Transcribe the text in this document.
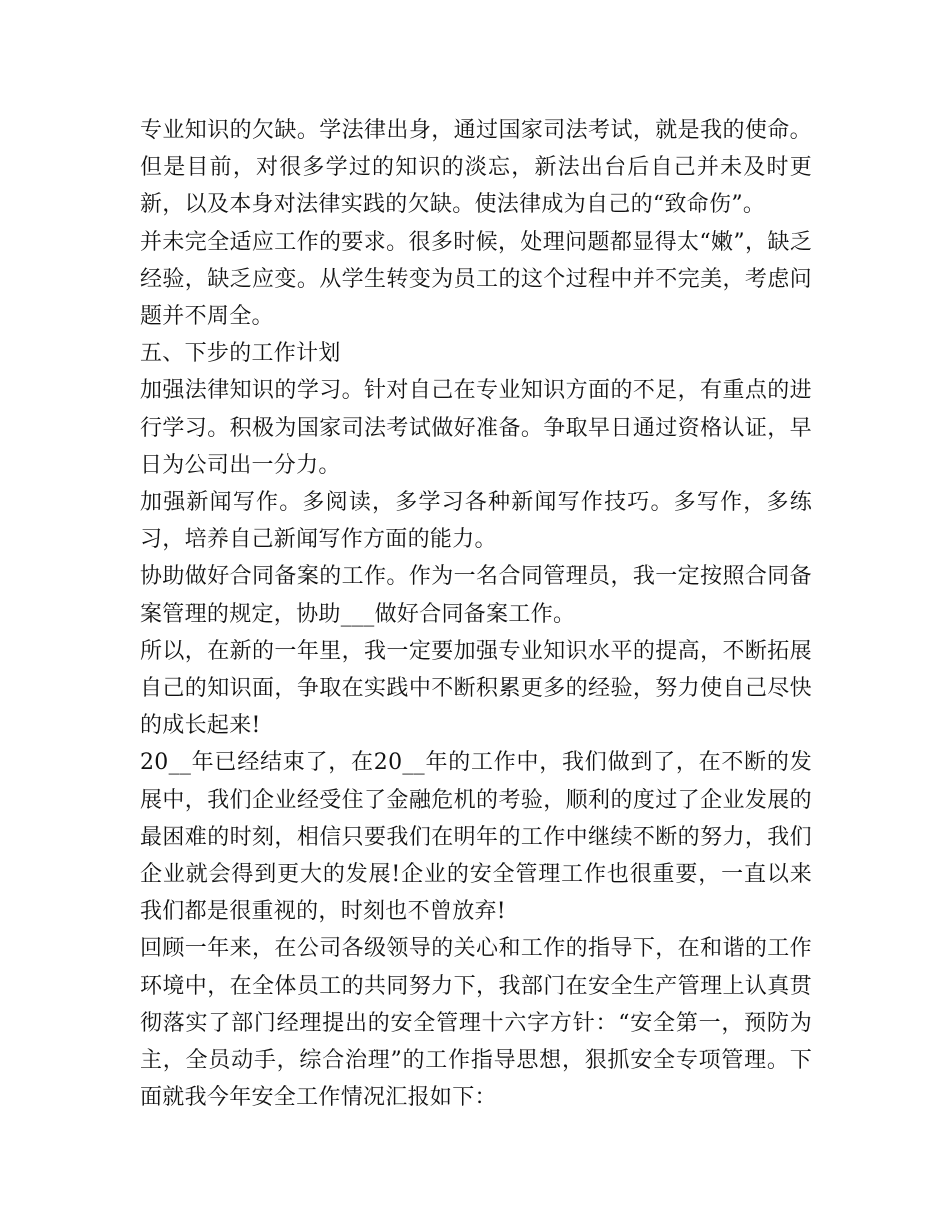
专业知识的欠缺。学法律出身，通过国家司法考试，就是我的使命。但是目前，对很多学过的知识的淡忘，新法出台后自己并未及时更新，以及本身对法律实践的欠缺。使法律成为自己的“致命伤”。

并未完全适应工作的要求。很多时候，处理问题都显得太“嫩”，缺乏经验，缺乏应变。从学生转变为员工的这个过程中并不完美，考虑问题并不周全。

五、下步的工作计划

加强法律知识的学习。针对自己在专业知识方面的不足，有重点的进行学习。积极为国家司法考试做好准备。争取早日通过资格认证，早日为公司出一分力。

加强新闻写作。多阅读，多学习各种新闻写作技巧。多写作，多练习，培养自己新闻写作方面的能力。

协助做好合同备案的工作。作为一名合同管理员，我一定按照合同备案管理的规定，协助___做好合同备案工作。

所以，在新的一年里，我一定要加强专业知识水平的提高，不断拓展自己的知识面，争取在实践中不断积累更多的经验，努力使自己尽快的成长起来!

20__年已经结束了，在20__年的工作中，我们做到了，在不断的发展中，我们企业经受住了金融危机的考验，顺利的度过了企业发展的最困难的时刻，相信只要我们在明年的工作中继续不断的努力，我们企业就会得到更大的发展!企业的安全管理工作也很重要，一直以来我们都是很重视的，时刻也不曾放弃!

回顾一年来，在公司各级领导的关心和工作的指导下，在和谐的工作环境中，在全体员工的共同努力下，我部门在安全生产管理上认真贯彻落实了部门经理提出的安全管理十六字方针：“安全第一，预防为主，全员动手，综合治理”的工作指导思想，狠抓安全专项管理。下面就我今年安全工作情况汇报如下：
